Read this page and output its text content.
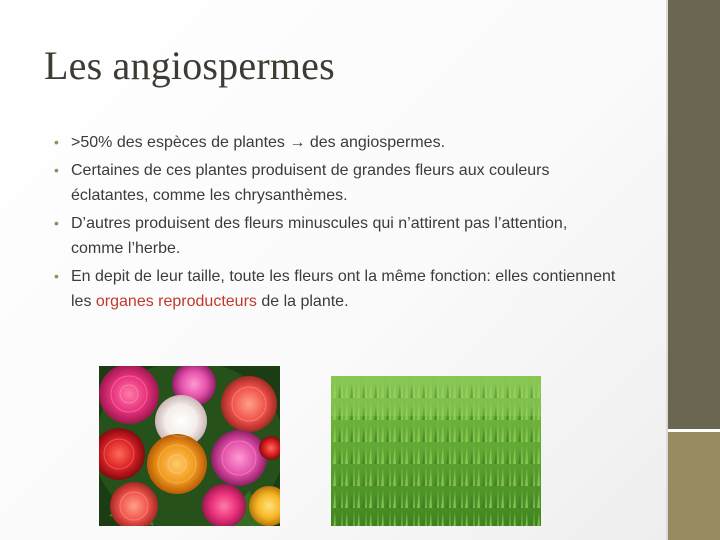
Les angiospermes
• >50% des espèces de plantes → des angiospermes.
• Certaines de ces plantes produisent de grandes fleurs aux couleurs éclatantes, comme les chrysanthèmes.
• D’autres produisent des fleurs minuscules qui n’attirent pas l’attention, comme l’herbe.
• En depit de leur taille, toute les fleurs ont la même fonction: elles contiennent les organes reproducteurs de la plante.
